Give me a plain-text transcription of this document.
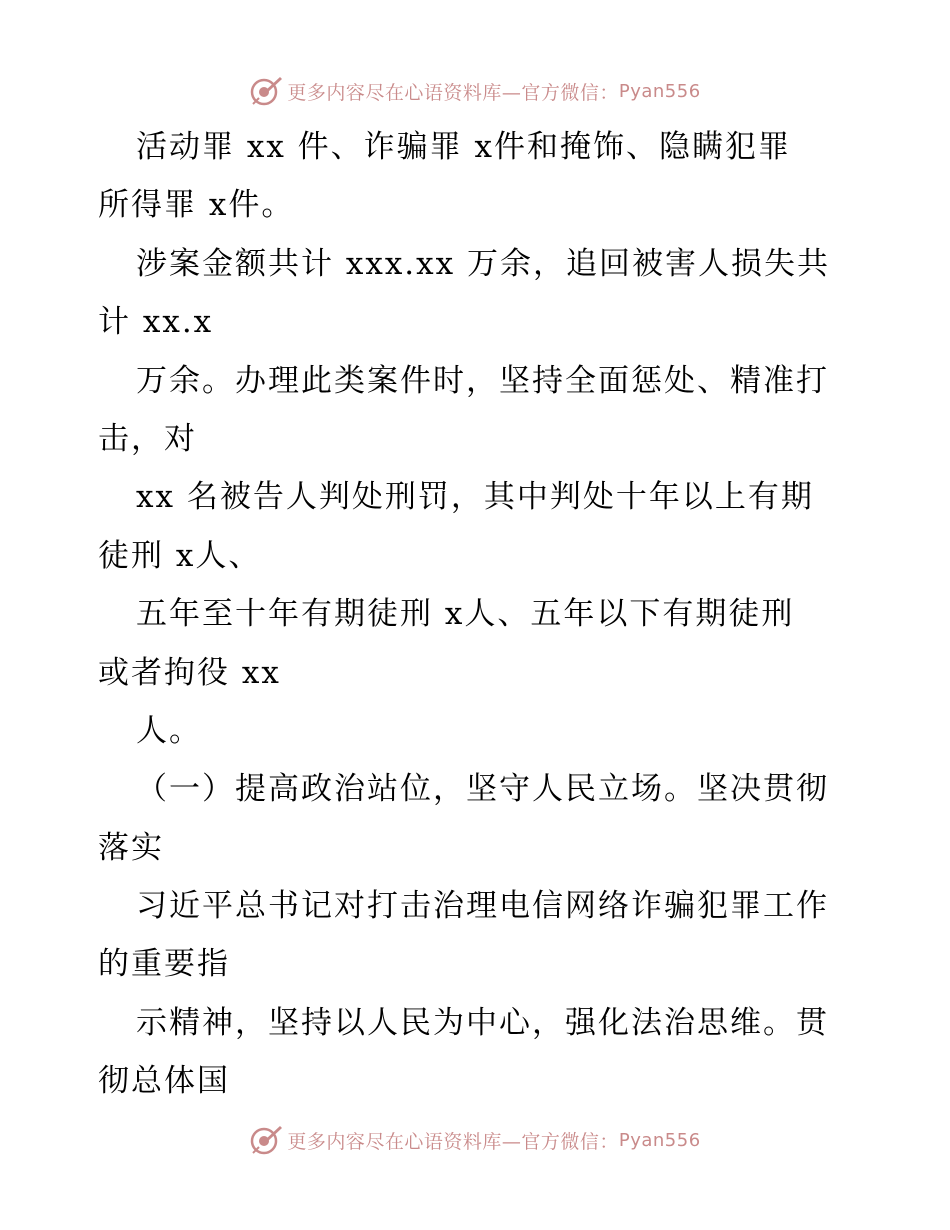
更多内容尽在心语资料库—官方微信： Pyan556
活动罪 xx 件、诈骗罪 x件和掩饰、隐瞒犯罪
所得罪 x件。
涉案金额共计 xxx.xx 万余，追回被害人损失共
计 xx.x
万余。办理此类案件时，坚持全面惩处、精准打
击，对
xx 名被告人判处刑罚，其中判处十年以上有期
徒刑 x人、
五年至十年有期徒刑 x人、五年以下有期徒刑
或者拘役 xx
人。
（一）提高政治站位，坚守人民立场。坚决贯彻
落实
习近平总书记对打击治理电信网络诈骗犯罪工作
的重要指
示精神，坚持以人民为中心，强化法治思维。贯
彻总体国
更多内容尽在心语资料库—官方微信： Pyan556
